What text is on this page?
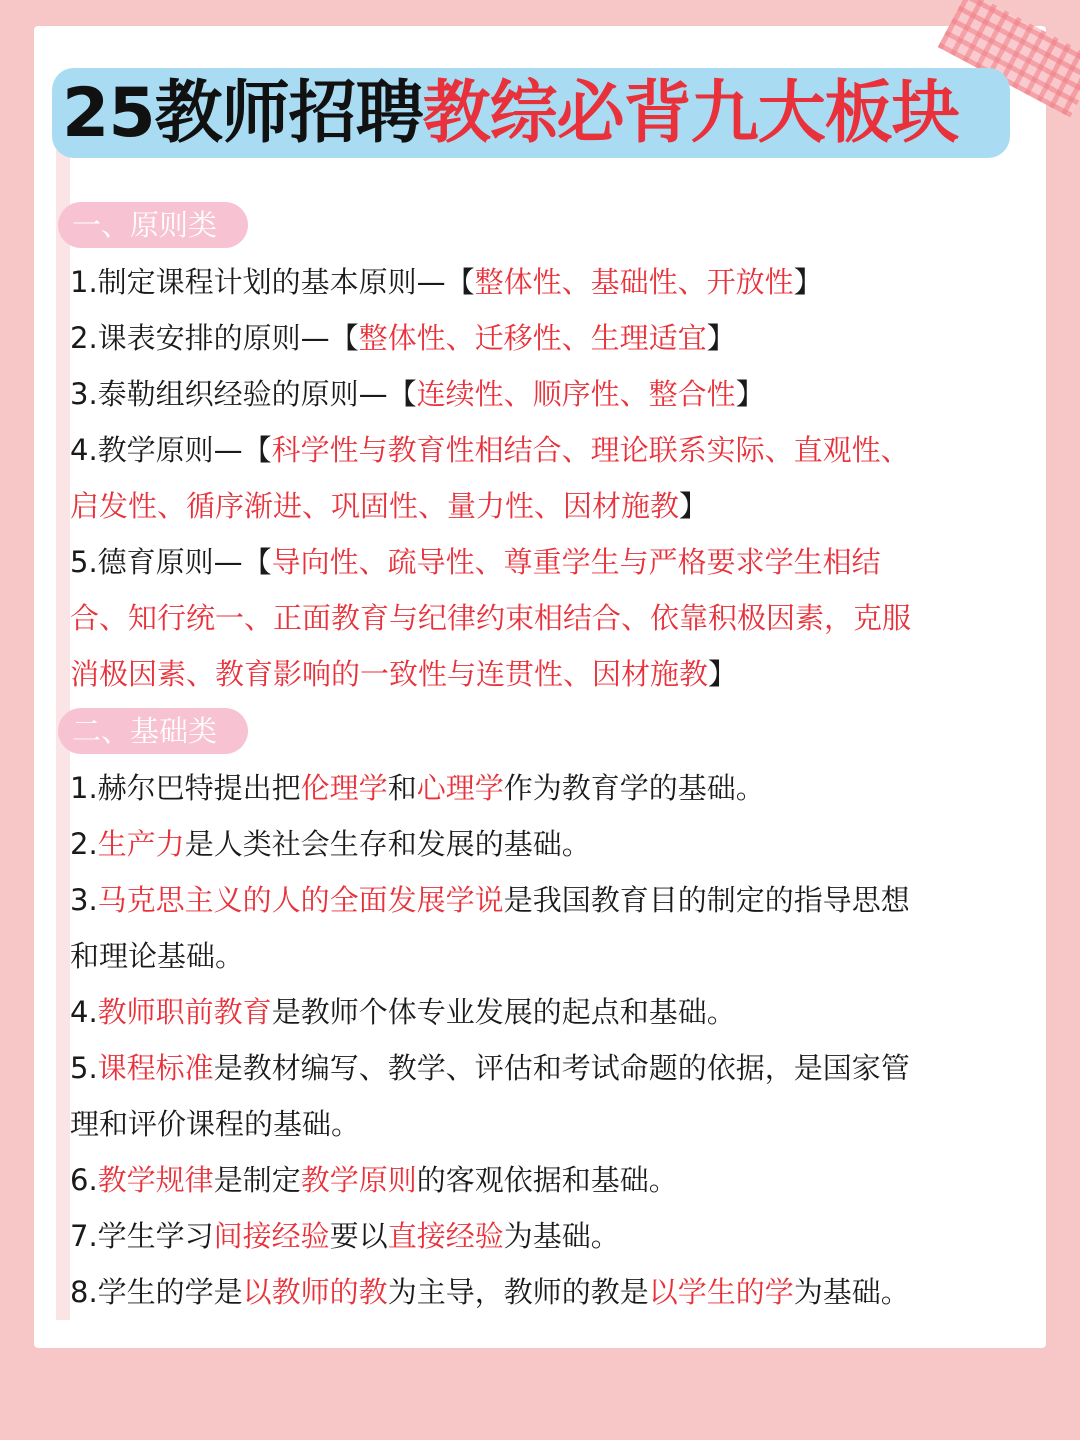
25教师招聘教综必背九大板块
一、原则类
1.制定课程计划的基本原则—【整体性、基础性、开放性】
2.课表安排的原则—【整体性、迁移性、生理适宜】
3.泰勒组织经验的原则—【连续性、顺序性、整合性】
4.教学原则—【科学性与教育性相结合、理论联系实际、直观性、
启发性、循序渐进、巩固性、量力性、因材施教】
5.德育原则—【导向性、疏导性、尊重学生与严格要求学生相结
合、知行统一、正面教育与纪律约束相结合、依靠积极因素，克服
消极因素、教育影响的一致性与连贯性、因材施教】
二、基础类
1.赫尔巴特提出把伦理学和心理学作为教育学的基础。
2.生产力是人类社会生存和发展的基础。
3.马克思主义的人的全面发展学说是我国教育目的制定的指导思想
和理论基础。
4.教师职前教育是教师个体专业发展的起点和基础。
5.课程标准是教材编写、教学、评估和考试命题的依据，是国家管
理和评价课程的基础。
6.教学规律是制定教学原则的客观依据和基础。
7.学生学习间接经验要以直接经验为基础。
8.学生的学是以教师的教为主导，教师的教是以学生的学为基础。
